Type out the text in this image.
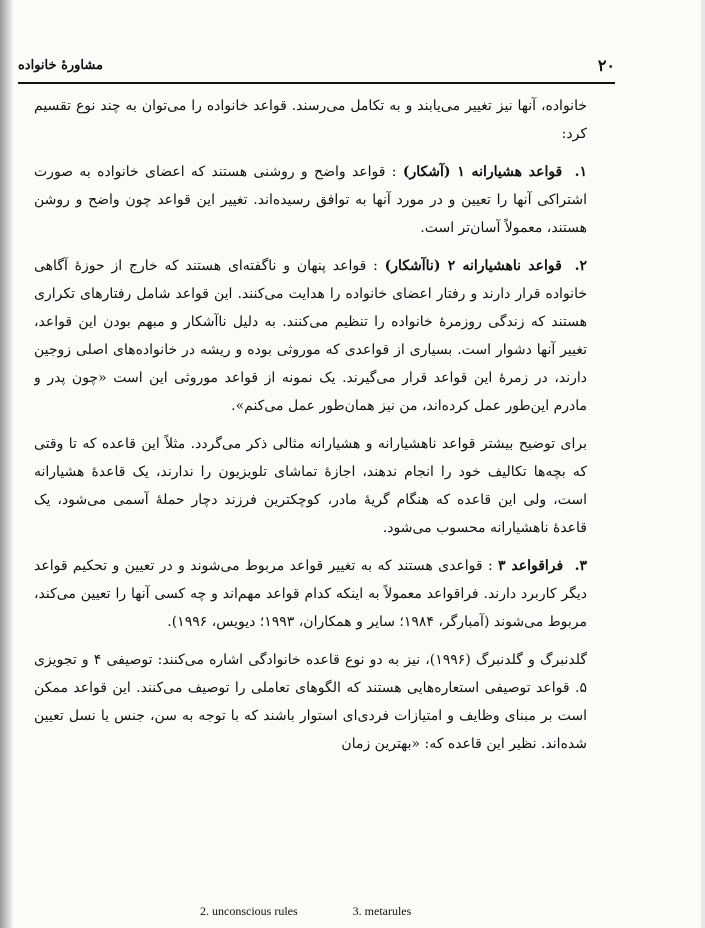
مشاورهٔ خانواده	۲۰

خانواده، آنها نیز تغییر می‌یابند و به تکامل می‌رسند. قواعد خانواده را می‌توان به چند نوع تقسیم کرد:

۱. قواعد هشیارانه ۱ (آشکار) : قواعد واضح و روشنی هستند که اعضای خانواده به صورت اشتراکی آنها را تعیین و در مورد آنها به توافق رسیده‌اند. تغییر این قواعد چون واضح و روشن هستند، معمولاً آسان‌تر است.

۲. قواعد ناهشیارانه ۲ (ناآشکار) : قواعد پنهان و ناگفته‌ای هستند که خارج از حوزهٔ آگاهی خانواده قرار دارند و رفتار اعضای خانواده را هدایت می‌کنند. این قواعد شامل رفتارهای تکراری هستند که زندگی روزمرهٔ خانواده را تنظیم می‌کنند. به دلیل ناآشکار و مبهم بودن این قواعد، تغییر آنها دشوار است. بسیاری از قواعدی که موروثی بوده و ریشه در خانواده‌های اصلی زوجین دارند، در زمرهٔ این قواعد قرار می‌گیرند. یک نمونه از قواعد موروثی این است «چون پدر و مادرم این‌طور عمل کرده‌اند، من نیز همان‌طور عمل می‌کنم».

برای توضیح بیشتر قواعد ناهشیارانه و هشیارانه مثالی ذکر می‌گردد. مثلاً این قاعده که تا وقتی که بچه‌ها تکالیف خود را انجام ندهند، اجازهٔ تماشای تلویزیون را ندارند، یک قاعدهٔ هشیارانه است، ولی این قاعده که هنگام گریهٔ مادر، کوچکترین فرزند دچار حملهٔ آسمی می‌شود، یک قاعدهٔ ناهشیارانه محسوب می‌شود.

۳. فراقواعد ۳ : قواعدی هستند که به تغییر قواعد مربوط می‌شوند و در تعیین و تحکیم قواعد دیگر کاربرد دارند. فراقواعد معمولاً به اینکه کدام قواعد مهم‌اند و چه کسی آنها را تعیین می‌کند، مربوط می‌شوند (آمبارگر، ۱۹۸۴؛ سایر و همکاران، ۱۹۹۳؛ دیویس، ۱۹۹۶).

گلدنبرگ و گلدنبرگ (۱۹۹۶)، نیز به دو نوع قاعده خانوادگی اشاره می‌کنند: توصیفی ۴ و تجویزی ۵. قواعد توصیفی استعاره‌هایی هستند که الگوهای تعاملی را توصیف می‌کنند. این قواعد ممکن است بر مبنای وظایف و امتیازات فردی‌ای استوار باشند که با توجه به سن، جنس یا نسل تعیین شده‌اند. نظیر این قاعده که: «بهترین زمان

2. unconscious rules	3. metarules
